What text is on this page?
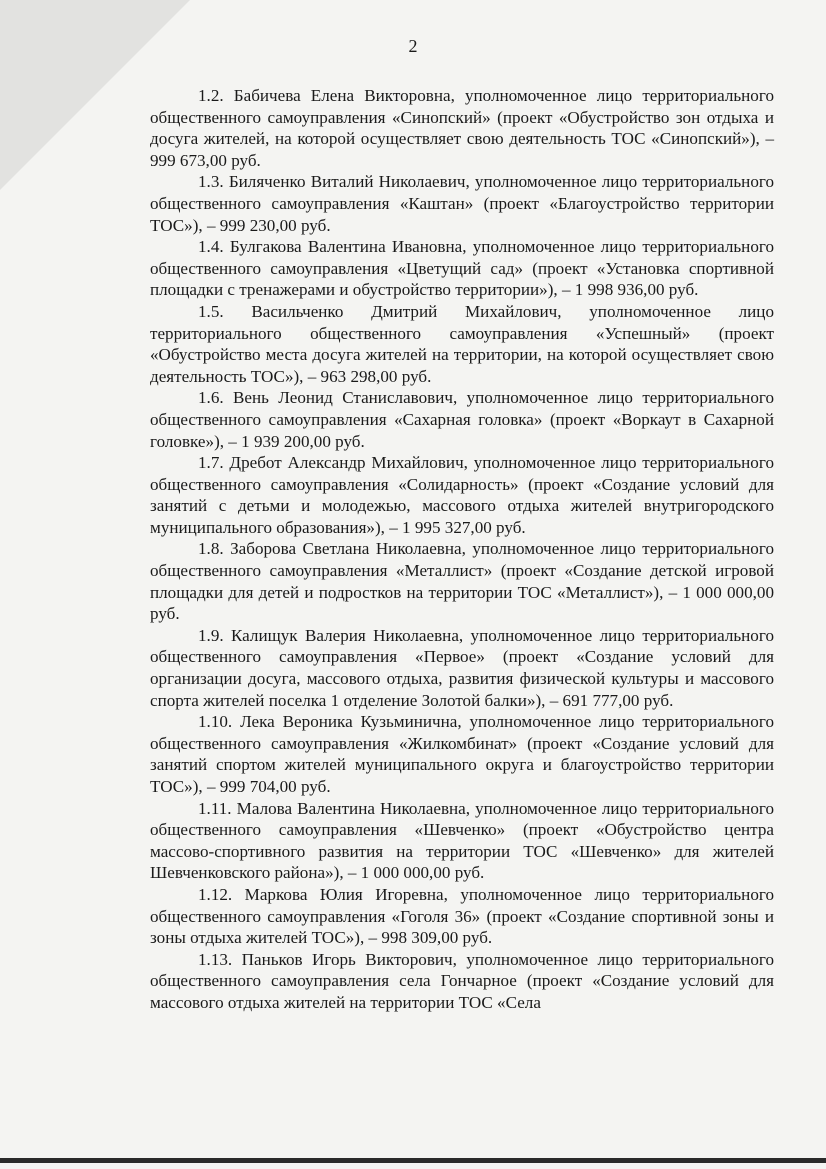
2

1.2. Бабичева Елена Викторовна, уполномоченное лицо территориального общественного самоуправления «Синопский» (проект «Обустройство зон отдыха и досуга жителей, на которой осуществляет свою деятельность ТОС «Синопский»), – 999 673,00 руб.

1.3. Биляченко Виталий Николаевич, уполномоченное лицо территориального общественного самоуправления «Каштан» (проект «Благоустройство территории ТОС»), – 999 230,00 руб.

1.4. Булгакова Валентина Ивановна, уполномоченное лицо территориального общественного самоуправления «Цветущий сад» (проект «Установка спортивной площадки с тренажерами и обустройство территории»), – 1 998 936,00 руб.

1.5. Васильченко Дмитрий Михайлович, уполномоченное лицо территориального общественного самоуправления «Успешный» (проект «Обустройство места досуга жителей на территории, на которой осуществляет свою деятельность ТОС»), – 963 298,00 руб.

1.6. Вень Леонид Станиславович, уполномоченное лицо территориального общественного самоуправления «Сахарная головка» (проект «Воркаут в Сахарной головке»), – 1 939 200,00 руб.

1.7. Дребот Александр Михайлович, уполномоченное лицо территориального общественного самоуправления «Солидарность» (проект «Создание условий для занятий с детьми и молодежью, массового отдыха жителей внутригородского муниципального образования»), – 1 995 327,00 руб.

1.8. Заборова Светлана Николаевна, уполномоченное лицо территориального общественного самоуправления «Металлист» (проект «Создание детской игровой площадки для детей и подростков на территории ТОС «Металлист»), – 1 000 000,00 руб.

1.9. Калищук Валерия Николаевна, уполномоченное лицо территориального общественного самоуправления «Первое» (проект «Создание условий для организации досуга, массового отдыха, развития физической культуры и массового спорта жителей поселка 1 отделение Золотой балки»), – 691 777,00 руб.

1.10. Лека Вероника Кузьминична, уполномоченное лицо территориального общественного самоуправления «Жилкомбинат» (проект «Создание условий для занятий спортом жителей муниципального округа и благоустройство территории ТОС»), – 999 704,00 руб.

1.11. Малова Валентина Николаевна, уполномоченное лицо территориального общественного самоуправления «Шевченко» (проект «Обустройство центра массово-спортивного развития на территории ТОС «Шевченко» для жителей Шевченковского района»), – 1 000 000,00 руб.

1.12. Маркова Юлия Игоревна, уполномоченное лицо территориального общественного самоуправления «Гоголя 36» (проект «Создание спортивной зоны и зоны отдыха жителей ТОС»), – 998 309,00 руб.

1.13. Паньков Игорь Викторович, уполномоченное лицо территориального общественного самоуправления села Гончарное (проект «Создание условий для массового отдыха жителей на территории ТОС «Села
